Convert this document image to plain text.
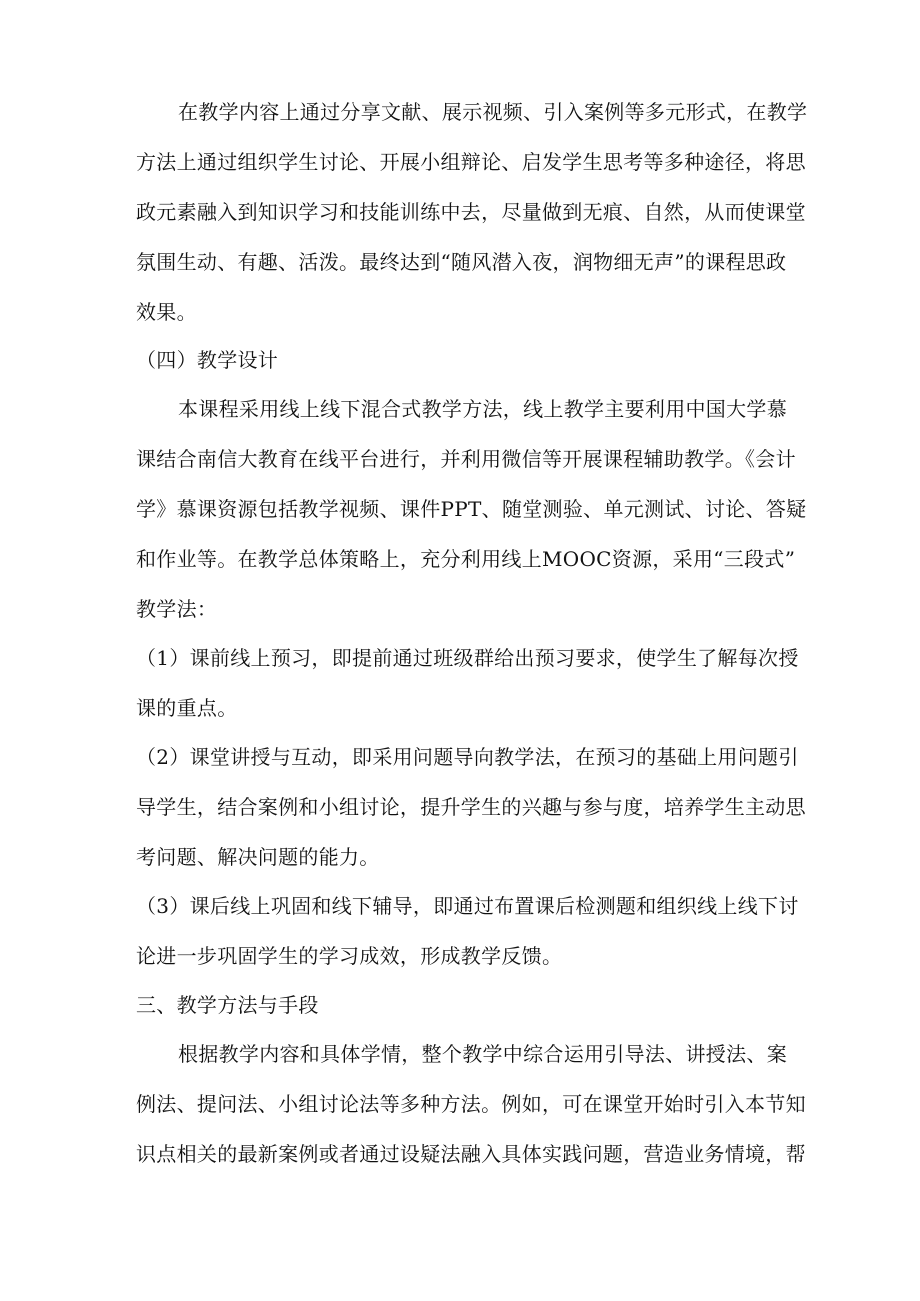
在教学内容上通过分享文献、展示视频、引入案例等多元形式，在教学
方法上通过组织学生讨论、开展小组辩论、启发学生思考等多种途径，将思
政元素融入到知识学习和技能训练中去，尽量做到无痕、自然，从而使课堂
氛围生动、有趣、活泼。最终达到“随风潜入夜，润物细无声”的课程思政
效果。
（四）教学设计
本课程采用线上线下混合式教学方法，线上教学主要利用中国大学慕
课结合南信大教育在线平台进行，并利用微信等开展课程辅助教学。《会计
学》慕课资源包括教学视频、课件PPT、随堂测验、单元测试、讨论、答疑
和作业等。在教学总体策略上，充分利用线上MOOC资源，采用“三段式”
教学法：
（1）课前线上预习，即提前通过班级群给出预习要求，使学生了解每次授
课的重点。
（2）课堂讲授与互动，即采用问题导向教学法，在预习的基础上用问题引
导学生，结合案例和小组讨论，提升学生的兴趣与参与度，培养学生主动思
考问题、解决问题的能力。
（3）课后线上巩固和线下辅导，即通过布置课后检测题和组织线上线下讨
论进一步巩固学生的学习成效，形成教学反馈。
三、教学方法与手段
根据教学内容和具体学情，整个教学中综合运用引导法、讲授法、案
例法、提问法、小组讨论法等多种方法。例如，可在课堂开始时引入本节知
识点相关的最新案例或者通过设疑法融入具体实践问题，营造业务情境，帮
